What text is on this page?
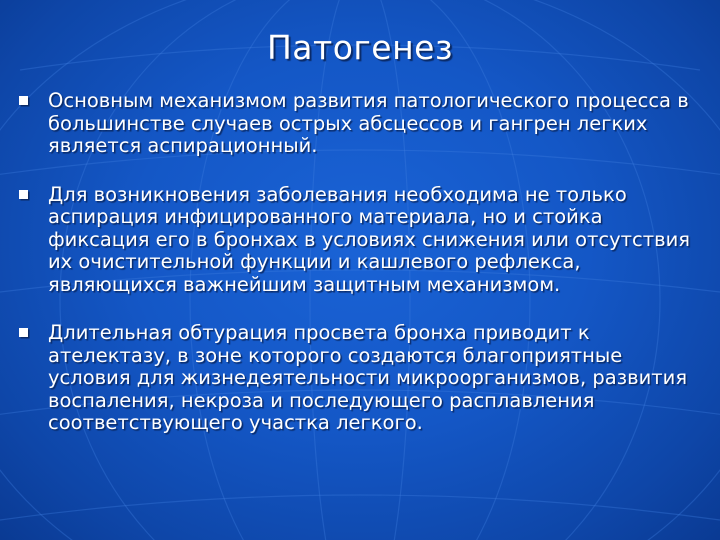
Патогенез
Основным механизмом развития патологического процесса в большинстве случаев острых абсцессов и гангрен легких является аспирационный.
Для возникновения заболевания необходима не только аспирация инфицированного материала, но и стойка фиксация его в бронхах в условиях снижения или отсутствия их очистительной функции и кашлевого рефлекса, являющихся важнейшим защитным механизмом.
Длительная обтурация просвета бронха приводит к ателектазу, в зоне которого создаются благоприятные условия для жизнедеятельности микроорганизмов, развития воспаления, некроза и последующего расплавления соответствующего участка легкого.
